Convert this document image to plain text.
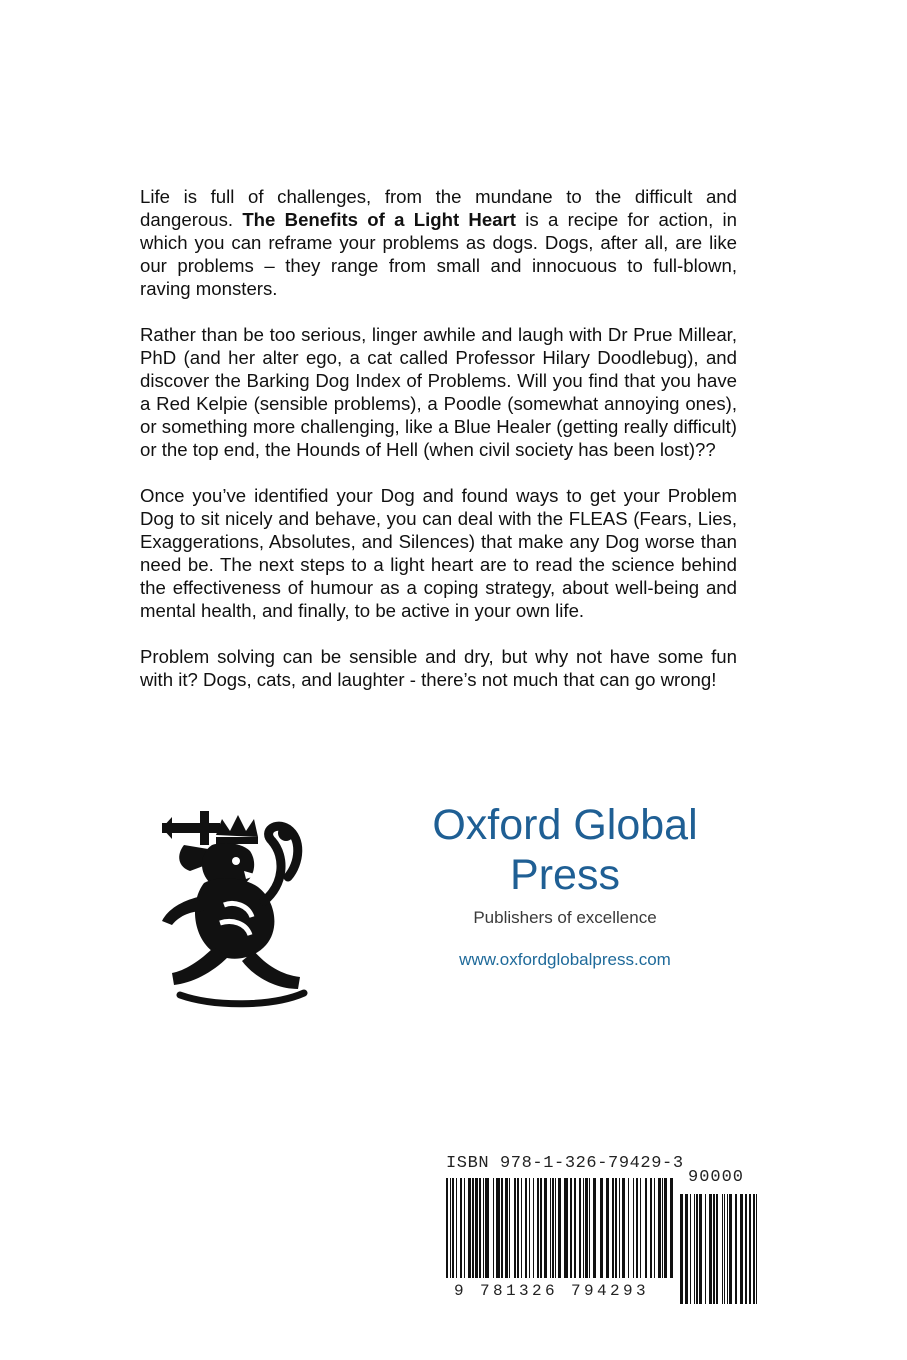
Life is full of challenges, from the mundane to the difficult and dangerous. The Benefits of a Light Heart is a recipe for action, in which you can reframe your problems as dogs. Dogs, after all, are like our problems – they range from small and innocuous to full-blown, raving monsters.

Rather than be too serious, linger awhile and laugh with Dr Prue Millear, PhD (and her alter ego, a cat called Professor Hilary Doodlebug), and discover the Barking Dog Index of Problems. Will you find that you have a Red Kelpie (sensible problems), a Poodle (somewhat annoying ones), or something more challenging, like a Blue Healer (getting really difficult) or the top end, the Hounds of Hell (when civil society has been lost)??

Once you’ve identified your Dog and found ways to get your Problem Dog to sit nicely and behave, you can deal with the FLEAS (Fears, Lies, Exaggerations, Absolutes, and Silences) that make any Dog worse than need be. The next steps to a light heart are to read the science behind the effectiveness of humour as a coping strategy, about well-being and mental health, and finally, to be active in your own life.

Problem solving can be sensible and dry, but why not have some fun with it? Dogs, cats, and laughter - there’s not much that can go wrong!

Oxford Global
Press
Publishers of excellence
www.oxfordglobalpress.com
ISBN 978-1-326-79429-3
90000
9 781326 794293
